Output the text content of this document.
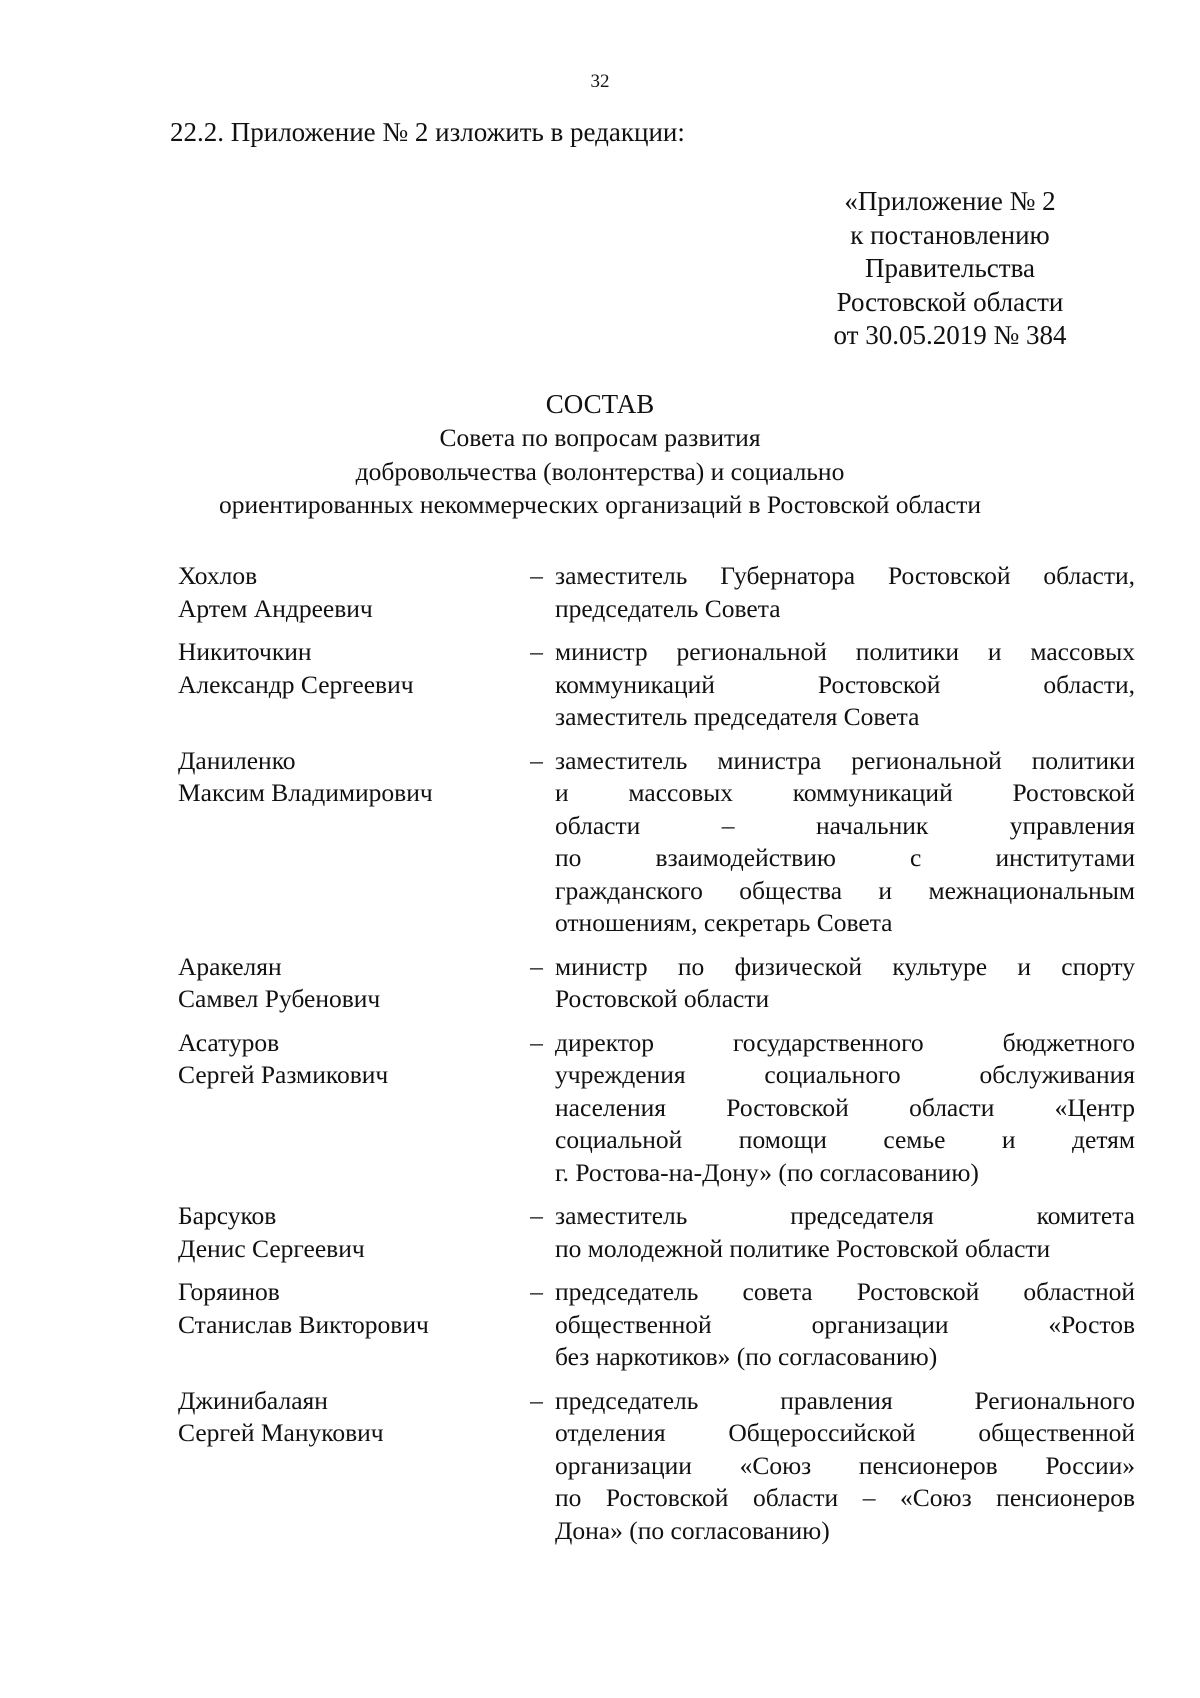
32
22.2. Приложение № 2 изложить в редакции:
«Приложение № 2
к постановлению
Правительства
Ростовской области
от 30.05.2019 № 384
СОСТАВ
Совета по вопросам развития
добровольчества (волонтерства) и социально
ориентированных некоммерческих организаций в Ростовской области
Хохлов
Артем Андреевич
– заместитель Губернатора Ростовской области,
председатель Совета
Никиточкин
Александр Сергеевич
– министр региональной политики и массовых
коммуникаций Ростовской области,
заместитель председателя Совета
Даниленко
Максим Владимирович
– заместитель министра региональной политики
и массовых коммуникаций Ростовской
области – начальник управления
по взаимодействию с институтами
гражданского общества и межнациональным
отношениям, секретарь Совета
Аракелян
Самвел Рубенович
– министр по физической культуре и спорту
Ростовской области
Асатуров
Сергей Размикович
– директор государственного бюджетного
учреждения социального обслуживания
населения Ростовской области «Центр
социальной помощи семье и детям
г. Ростова-на-Дону» (по согласованию)
Барсуков
Денис Сергеевич
– заместитель председателя комитета
по молодежной политике Ростовской области
Горяинов
Станислав Викторович
– председатель совета Ростовской областной
общественной организации «Ростов
без наркотиков» (по согласованию)
Джинибалаян
Сергей Манукович
– председатель правления Регионального
отделения Общероссийской общественной
организации «Союз пенсионеров России»
по Ростовской области – «Союз пенсионеров
Дона» (по согласованию)
